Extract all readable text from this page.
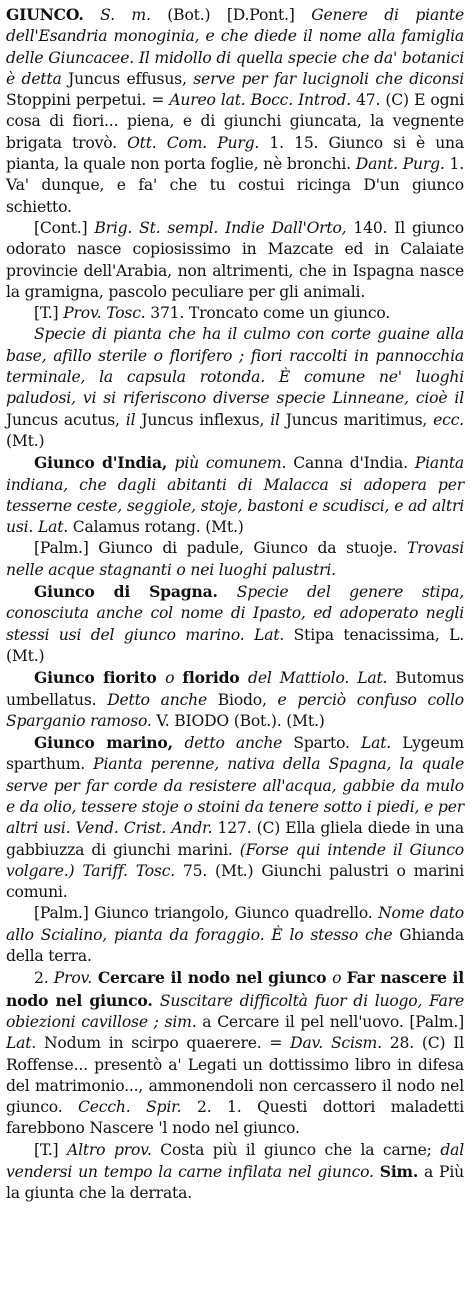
GIUNCO. S. m. (Bot.) [D.Pont.] Genere di piante dell'Esandria monoginia, e che diede il nome alla famiglia delle Giuncacee. Il midollo di quella specie che da' botanici è detta Juncus effusus, serve per far lucignoli che diconsi Stoppini perpetui. = Aureo lat. Bocc. Introd. 47. (C) E ogni cosa di fiori... piena, e di giunchi giuncata, la vegnente brigata trovò. Ott. Com. Purg. 1. 15. Giunco si è una pianta, la quale non porta foglie, nè bronchi. Dant. Purg. 1. Va' dunque, e fa' che tu costui ricinga D'un giunco schietto.

[Cont.] Brig. St. sempl. Indie Dall'Orto, 140. Il giunco odorato nasce copiosissimo in Mazcate ed in Calaiate provincie dell'Arabia, non altrimenti, che in Ispagna nasce la gramigna, pascolo peculiare per gli animali.

[T.] Prov. Tosc. 371. Troncato come un giunco.

Specie di pianta che ha il culmo con corte guaine alla base, afillo sterile o florifero ; fiori raccolti in pannocchia terminale, la capsula rotonda. È comune ne' luoghi paludosi, vi si riferiscono diverse specie Linneane, cioè il Juncus acutus, il Juncus inflexus, il Juncus maritimus, ecc. (Mt.)

Giunco d'India, più comunem. Canna d'India. Pianta indiana, che dagli abitanti di Malacca si adopera per tesserne ceste, seggiole, stoje, bastoni e scudisci, e ad altri usi. Lat. Calamus rotang. (Mt.)

[Palm.] Giunco di padule, Giunco da stuoje. Trovasi nelle acque stagnanti o nei luoghi palustri.

Giunco di Spagna. Specie del genere stipa, conosciuta anche col nome di Ipasto, ed adoperato negli stessi usi del giunco marino. Lat. Stipa tenacissima, L. (Mt.)

Giunco fiorito o florido del Mattiolo. Lat. Butomus umbellatus. Detto anche Biodo, e perciò confuso collo Sparganio ramoso. V. BIODO (Bot.). (Mt.)

Giunco marino, detto anche Sparto. Lat. Lygeum sparthum. Pianta perenne, nativa della Spagna, la quale serve per far corde da resistere all'acqua, gabbie da mulo e da olio, tessere stoje o stoini da tenere sotto i piedi, e per altri usi. Vend. Crist. Andr. 127. (C) Ella gliela diede in una gabbiuzza di giunchi marini. (Forse qui intende il Giunco volgare.) Tariff. Tosc. 75. (Mt.) Giunchi palustri o marini comuni.

[Palm.] Giunco triangolo, Giunco quadrello. Nome dato allo Scialino, pianta da foraggio. È lo stesso che Ghianda della terra.

2. Prov. Cercare il nodo nel giunco o Far nascere il nodo nel giunco. Suscitare difficoltà fuor di luogo, Fare obiezioni cavillose ; sim. a Cercare il pel nell'uovo. [Palm.] Lat. Nodum in scirpo quaerere. = Dav. Scism. 28. (C) Il Roffense... presentò a' Legati un dottissimo libro in difesa del matrimonio..., ammonendoli non cercassero il nodo nel giunco. Cecch. Spir. 2. 1. Questi dottori maladetti farebbono Nascere 'l nodo nel giunco.

[T.] Altro prov. Costa più il giunco che la carne; dal vendersi un tempo la carne infilata nel giunco. Sim. a Più la giunta che la derrata.
